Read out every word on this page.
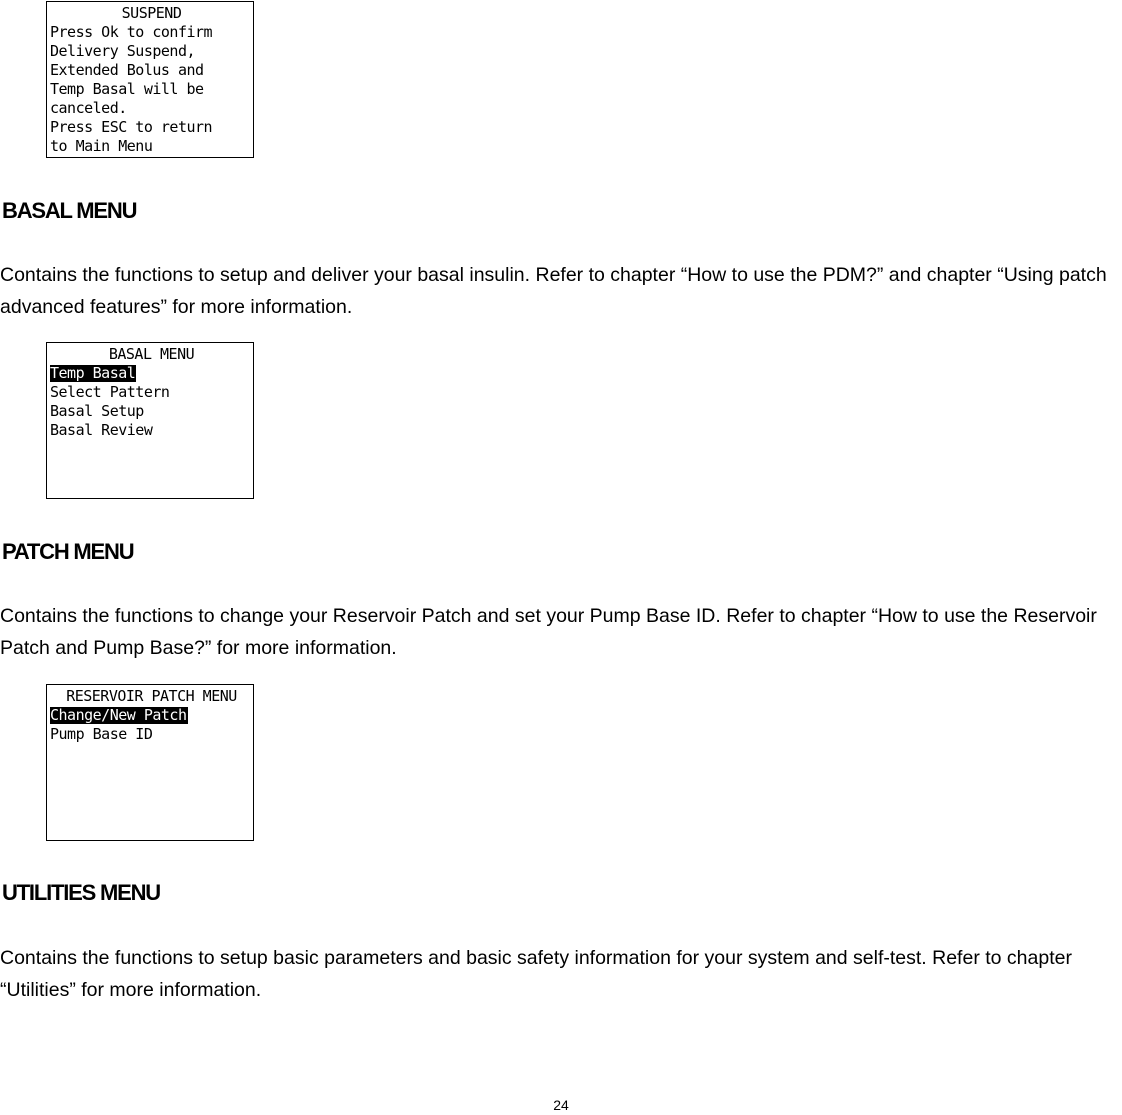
SUSPEND
Press Ok to confirm
Delivery Suspend,
Extended Bolus and
Temp Basal will be
canceled.
Press ESC to return
to Main Menu
BASAL MENU

Contains the functions to setup and deliver your basal insulin. Refer to chapter “How to use the PDM?” and chapter “Using patch advanced features” for more information.

BASAL MENU
Temp Basal
Select Pattern
Basal Setup
Basal Review
PATCH MENU

Contains the functions to change your Reservoir Patch and set your Pump Base ID. Refer to chapter “How to use the Reservoir Patch and Pump Base?” for more information.

RESERVOIR PATCH MENU
Change/New Patch
Pump Base ID
UTILITIES MENU

Contains the functions to setup basic parameters and basic safety information for your system and self-test. Refer to chapter “Utilities” for more information.

24
